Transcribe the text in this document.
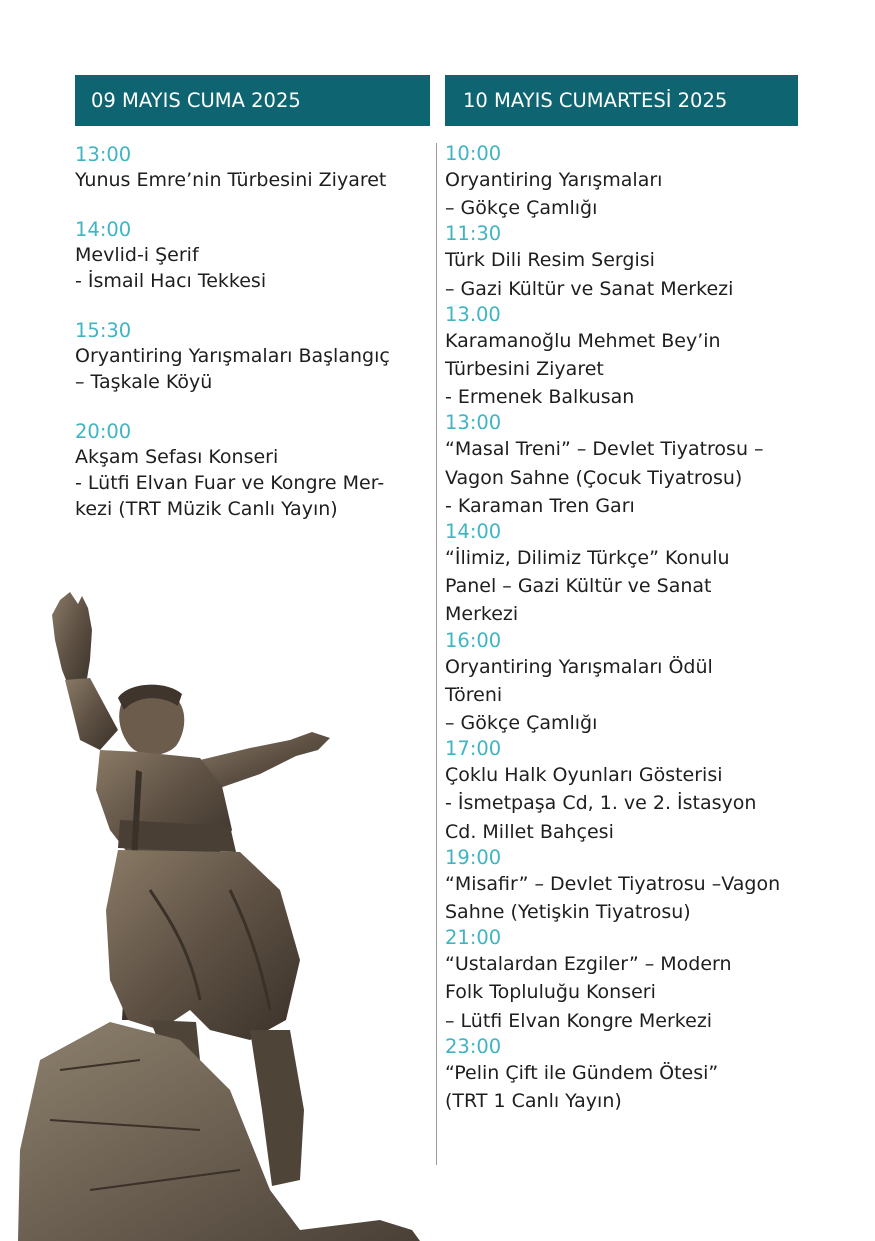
09 MAYIS CUMA 2025	10 MAYIS CUMARTESİ 2025
13:00
Yunus Emre’nin Türbesini Ziyaret
14:00
Mevlid-i Şerif
- İsmail Hacı Tekkesi
15:30
Oryantiring Yarışmaları Başlangıç
– Taşkale Köyü
20:00
Akşam Sefası Konseri
- Lütfi Elvan Fuar ve Kongre Mer-
kezi (TRT Müzik Canlı Yayın)
10:00
Oryantiring Yarışmaları
– Gökçe Çamlığı
11:30
Türk Dili Resim Sergisi
– Gazi Kültür ve Sanat Merkezi
13.00
Karamanoğlu Mehmet Bey’in
Türbesini Ziyaret
- Ermenek Balkusan
13:00
“Masal Treni” – Devlet Tiyatrosu –
Vagon Sahne (Çocuk Tiyatrosu)
- Karaman Tren Garı
14:00
“İlimiz, Dilimiz Türkçe” Konulu
Panel – Gazi Kültür ve Sanat
Merkezi
16:00
Oryantiring Yarışmaları Ödül
Töreni
– Gökçe Çamlığı
17:00
Çoklu Halk Oyunları Gösterisi
- İsmetpaşa Cd, 1. ve 2. İstasyon
Cd. Millet Bahçesi
19:00
“Misafir” – Devlet Tiyatrosu –Vagon
Sahne (Yetişkin Tiyatrosu)
21:00
“Ustalardan Ezgiler” – Modern
Folk Topluluğu Konseri
– Lütfi Elvan Kongre Merkezi
23:00
“Pelin Çift ile Gündem Ötesi”
(TRT 1 Canlı Yayın)
